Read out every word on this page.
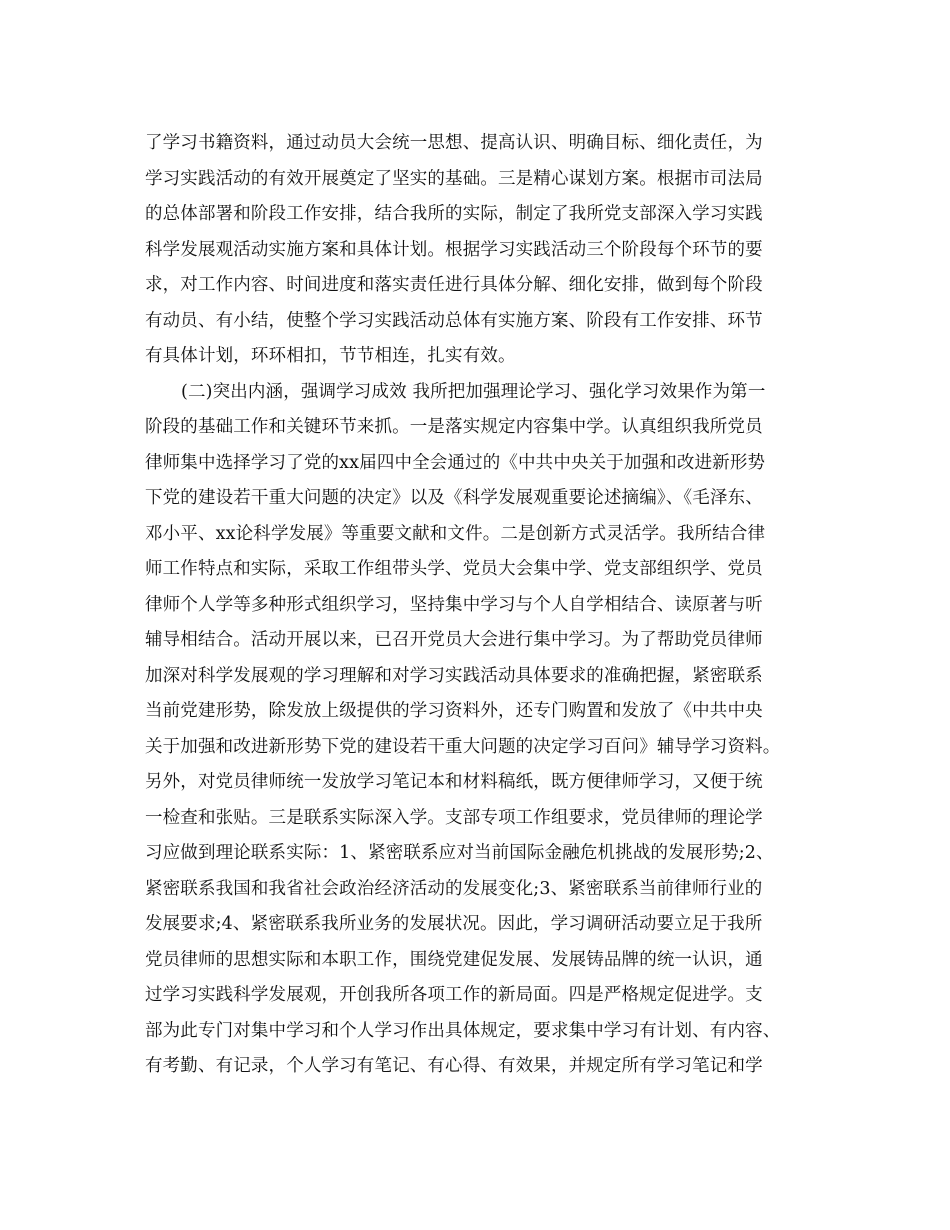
了学习书籍资料，通过动员大会统一思想、提高认识、明确目标、细化责任，为
学习实践活动的有效开展奠定了坚实的基础。三是精心谋划方案。根据市司法局
的总体部署和阶段工作安排，结合我所的实际，制定了我所党支部深入学习实践
科学发展观活动实施方案和具体计划。根据学习实践活动三个阶段每个环节的要
求，对工作内容、时间进度和落实责任进行具体分解、细化安排，做到每个阶段
有动员、有小结，使整个学习实践活动总体有实施方案、阶段有工作安排、环节
有具体计划，环环相扣，节节相连，扎实有效。
(二)突出内涵，强调学习成效 我所把加强理论学习、强化学习效果作为第一
阶段的基础工作和关键环节来抓。一是落实规定内容集中学。认真组织我所党员
律师集中选择学习了党的xx届四中全会通过的《中共中央关于加强和改进新形势
下党的建设若干重大问题的决定》以及《科学发展观重要论述摘编》、《毛泽东、
邓小平、xx论科学发展》等重要文献和文件。二是创新方式灵活学。我所结合律
师工作特点和实际，采取工作组带头学、党员大会集中学、党支部组织学、党员
律师个人学等多种形式组织学习，坚持集中学习与个人自学相结合、读原著与听
辅导相结合。活动开展以来，已召开党员大会进行集中学习。为了帮助党员律师
加深对科学发展观的学习理解和对学习实践活动具体要求的准确把握，紧密联系
当前党建形势，除发放上级提供的学习资料外，还专门购置和发放了《中共中央
关于加强和改进新形势下党的建设若干重大问题的决定学习百问》辅导学习资料。
另外，对党员律师统一发放学习笔记本和材料稿纸，既方便律师学习，又便于统
一检查和张贴。三是联系实际深入学。支部专项工作组要求，党员律师的理论学
习应做到理论联系实际：1、紧密联系应对当前国际金融危机挑战的发展形势;2、
紧密联系我国和我省社会政治经济活动的发展变化;3、紧密联系当前律师行业的
发展要求;4、紧密联系我所业务的发展状况。因此，学习调研活动要立足于我所
党员律师的思想实际和本职工作，围绕党建促发展、发展铸品牌的统一认识，通
过学习实践科学发展观，开创我所各项工作的新局面。四是严格规定促进学。支
部为此专门对集中学习和个人学习作出具体规定，要求集中学习有计划、有内容、
有考勤、有记录，个人学习有笔记、有心得、有效果，并规定所有学习笔记和学
